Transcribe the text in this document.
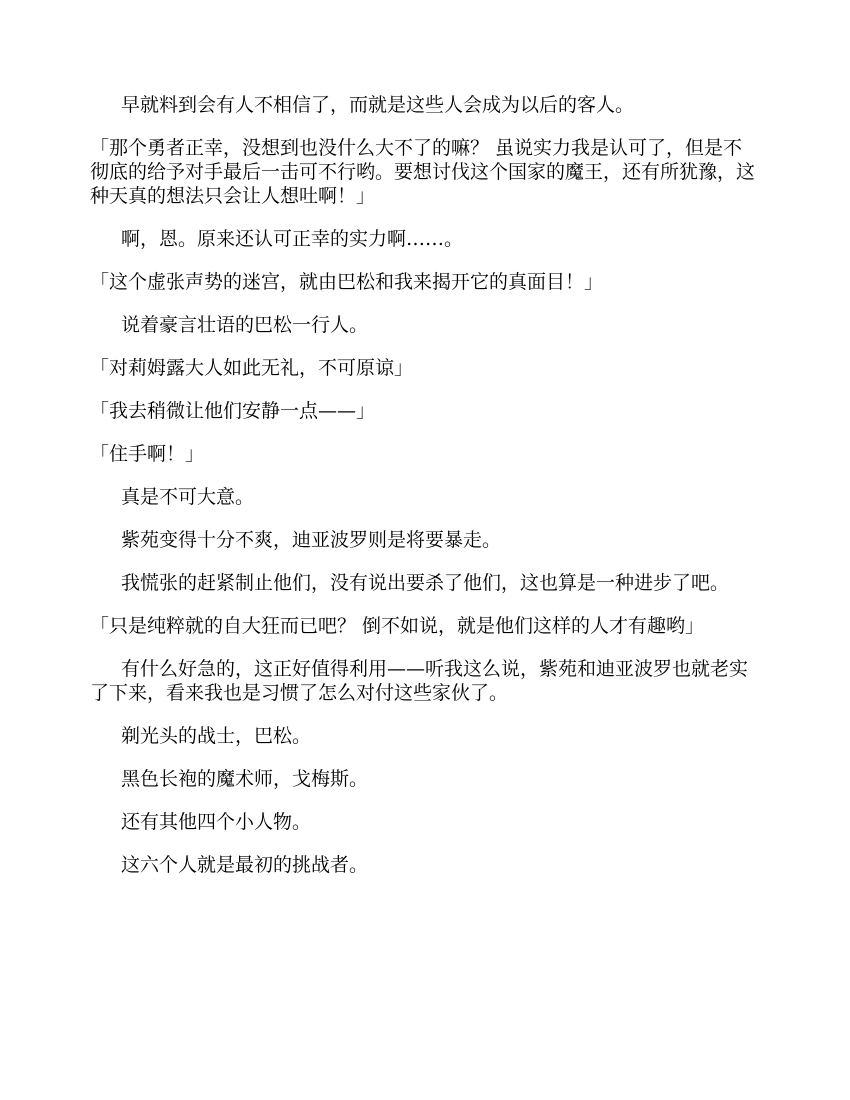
早就料到会有人不相信了，而就是这些人会成为以后的客人。

「那个勇者正幸，没想到也没什么大不了的嘛？ 虽说实力我是认可了，但是不彻底的给予对手最后一击可不行哟。要想讨伐这个国家的魔王，还有所犹豫，这种天真的想法只会让人想吐啊！」

啊，恩。原来还认可正幸的实力啊……。

「这个虚张声势的迷宫，就由巴松和我来揭开它的真面目！」

说着豪言壮语的巴松一行人。

「对莉姆露大人如此无礼，不可原谅」

「我去稍微让他们安静一点——」

「住手啊！」

真是不可大意。

紫苑变得十分不爽，迪亚波罗则是将要暴走。

我慌张的赶紧制止他们，没有说出要杀了他们，这也算是一种进步了吧。

「只是纯粹就的自大狂而已吧？ 倒不如说，就是他们这样的人才有趣哟」

有什么好急的，这正好值得利用——听我这么说，紫苑和迪亚波罗也就老实了下来，看来我也是习惯了怎么对付这些家伙了。

剃光头的战士，巴松。

黑色长袍的魔术师，戈梅斯。

还有其他四个小人物。

这六个人就是最初的挑战者。
